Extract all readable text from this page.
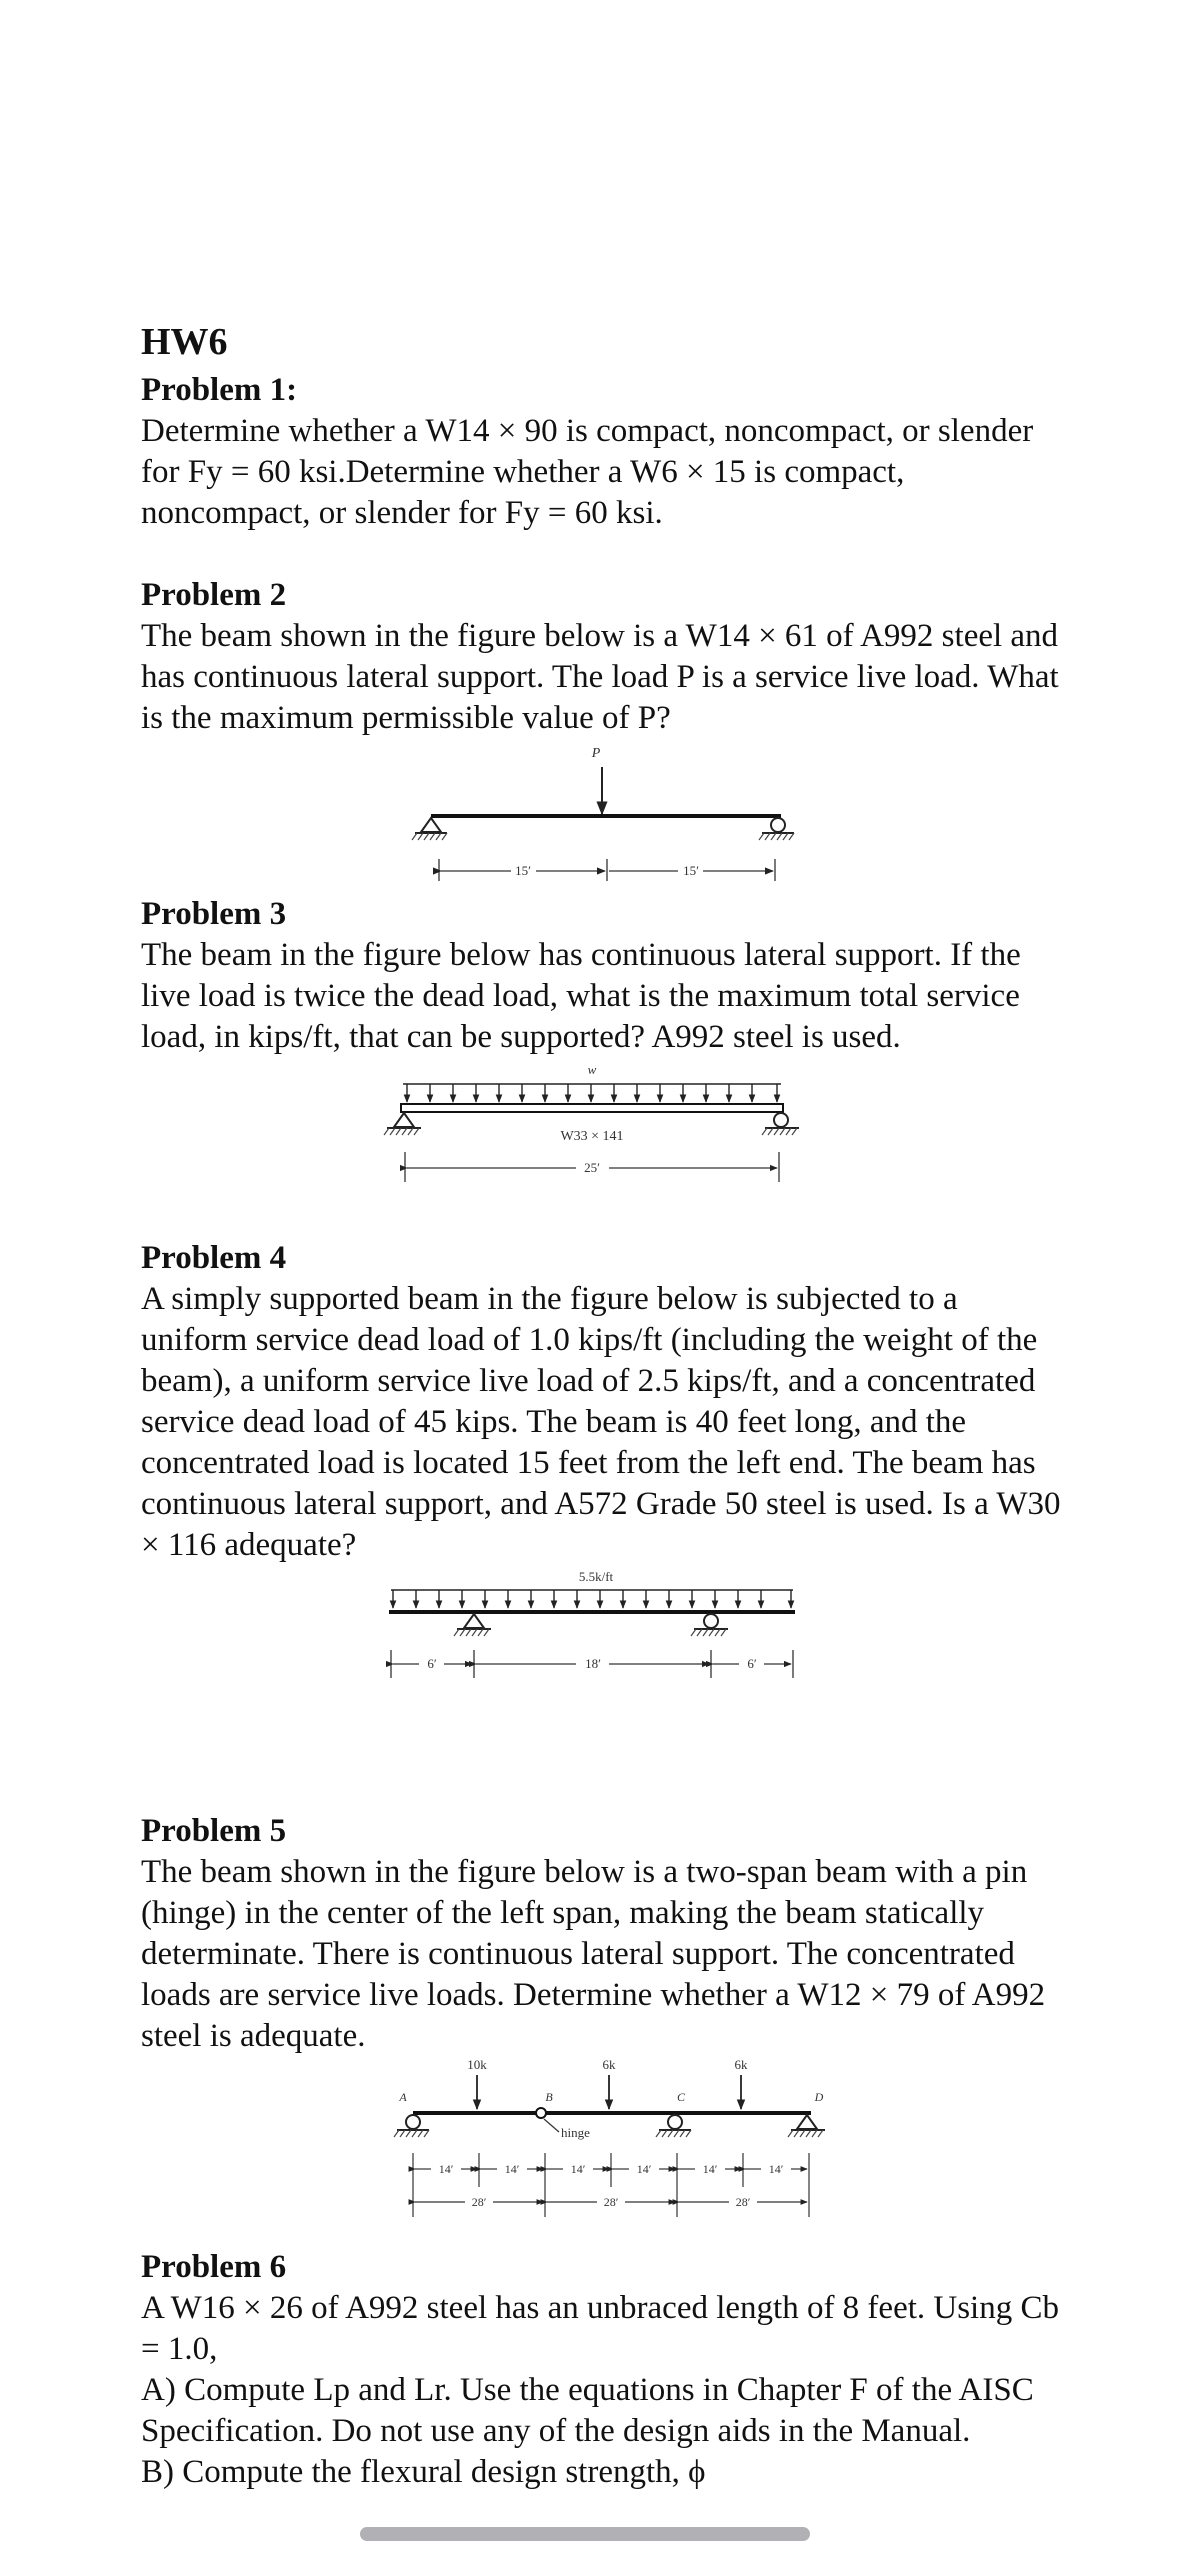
HW6

Problem 1:

Determine whether a W14 × 90 is compact, noncompact, or slender for Fy = 60 ksi.Determine whether a W6 × 15 is compact, noncompact, or slender for Fy = 60 ksi.

Problem 2

The beam shown in the figure below is a W14 × 61 of A992 steel and has continuous lateral support. The load P is a service live load. What is the maximum permissible value of P?

P
15′	15′

Problem 3

The beam in the figure below has continuous lateral support. If the live load is twice the dead load, what is the maximum total service load, in kips/ft, that can be supported? A992 steel is used.

w
W33 × 141
25′

Problem 4

A simply supported beam in the figure below is subjected to a uniform service dead load of 1.0 kips/ft (including the weight of the beam), a uniform service live load of 2.5 kips/ft, and a concentrated service dead load of 45 kips. The beam is 40 feet long, and the concentrated load is located 15 feet from the left end. The beam has continuous lateral support, and A572 Grade 50 steel is used. Is a W30 × 116 adequate?

5.5k/ft
6′	18′	6′

Problem 5

The beam shown in the figure below is a two-span beam with a pin (hinge) in the center of the left span, making the beam statically determinate. There is continuous lateral support. The concentrated loads are service live loads. Determine whether a W12 × 79 of A992 steel is adequate.

10k	6k	6k
A	B	C	D
hinge
14′	14′	14′	14′	14′	14′
28′	28′	28′

Problem 6

A W16 × 26 of A992 steel has an unbraced length of 8 feet. Using Cb = 1.0,

A) Compute Lp and Lr. Use the equations in Chapter F of the AISC Specification. Do not use any of the design aids in the Manual.

B) Compute the flexural design strength, ϕ
